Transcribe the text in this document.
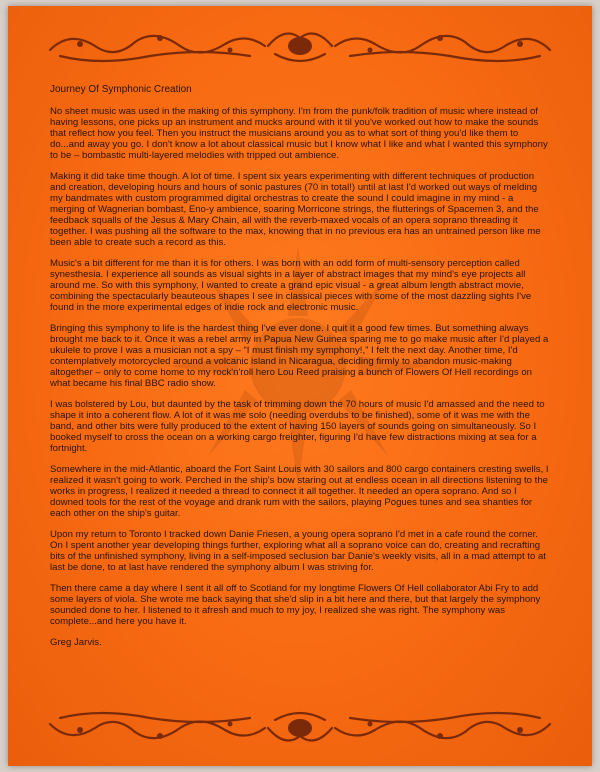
Journey Of Symphonic Creation

No sheet music was used in the making of this symphony. I'm from the punk/folk tradition of music where instead of having lessons, one picks up an instrument and mucks around with it til you've worked out how to make the sounds that reflect how you feel. Then you instruct the musicians around you as to what sort of thing you'd like them to do...and away you go. I don't know a lot about classical music but I know what I like and what I wanted this symphony to be – bombastic multi-layered melodies with tripped out ambience.

Making it did take time though. A lot of time. I spent six years experimenting with different techniques of production and creation, developing hours and hours of sonic pastures (70 in total!) until at last I'd worked out ways of melding my bandmates with custom programmed digital orchestras to create the sound I could imagine in my mind - a merging of Wagnerian bombast, Eno-y ambience, soaring Morricone strings, the flutterings of Spacemen 3, and the feedback squalls of the Jesus & Mary Chain, all with the reverb-maxed vocals of an opera soprano threading it together. I was pushing all the software to the max, knowing that in no previous era has an untrained person like me been able to create such a record as this.

Music's a bit different for me than it is for others. I was born with an odd form of multi-sensory perception called synesthesia. I experience all sounds as visual sights in a layer of abstract images that my mind's eye projects all around me. So with this symphony, I wanted to create a grand epic visual - a great album length abstract movie, combining the spectacularly beauteous shapes I see in classical pieces with some of the most dazzling sights I've found in the more experimental edges of indie rock and electronic music.

Bringing this symphony to life is the hardest thing I've ever done. I quit it a good few times. But something always brought me back to it. Once it was a rebel army in Papua New Guinea sparing me to go make music after I'd played a ukulele to prove I was a musician not a spy – “I must finish my symphony!,” I felt the next day. Another time, I'd contemplatively motorcycled around a volcanic island in Nicaragua, deciding firmly to abandon music-making altogether – only to come home to my rock'n'roll hero Lou Reed praising a bunch of Flowers Of Hell recordings on what became his final BBC radio show.

I was bolstered by Lou, but daunted by the task of trimming down the 70 hours of music I'd amassed and the need to shape it into a coherent flow. A lot of it was me solo (needing overdubs to be finished), some of it was me with the band, and other bits were fully produced to the extent of having 150 layers of sounds going on simultaneously. So I booked myself to cross the ocean on a working cargo freighter, figuring I'd have few distractions mixing at sea for a fortnight.

Somewhere in the mid-Atlantic, aboard the Fort Saint Louis with 30 sailors and 800 cargo containers cresting swells, I realized it wasn't going to work. Perched in the ship's bow staring out at endless ocean in all directions listening to the works in progress, I realized it needed a thread to connect it all together. It needed an opera soprano. And so I downed tools for the rest of the voyage and drank rum with the sailors, playing Pogues tunes and sea shanties for each other on the ship's guitar.

Upon my return to Toronto I tracked down Danie Friesen, a young opera soprano I'd met in a cafe round the corner. On I spent another year developing things further, exploring what all a soprano voice can do, creating and recrafting bits of the unfinished symphony, living in a self-imposed seclusion bar Danie's weekly visits, all in a mad attempt to at last be done, to at last have rendered the symphony album I was striving for.

Then there came a day where I sent it all off to Scotland for my longtime Flowers Of Hell collaborator Abi Fry to add some layers of viola. She wrote me back saying that she'd slip in a bit here and there, but that largely the symphony sounded done to her. I listened to it afresh and much to my joy, I realized she was right. The symphony was complete...and here you have it.

Greg Jarvis.
